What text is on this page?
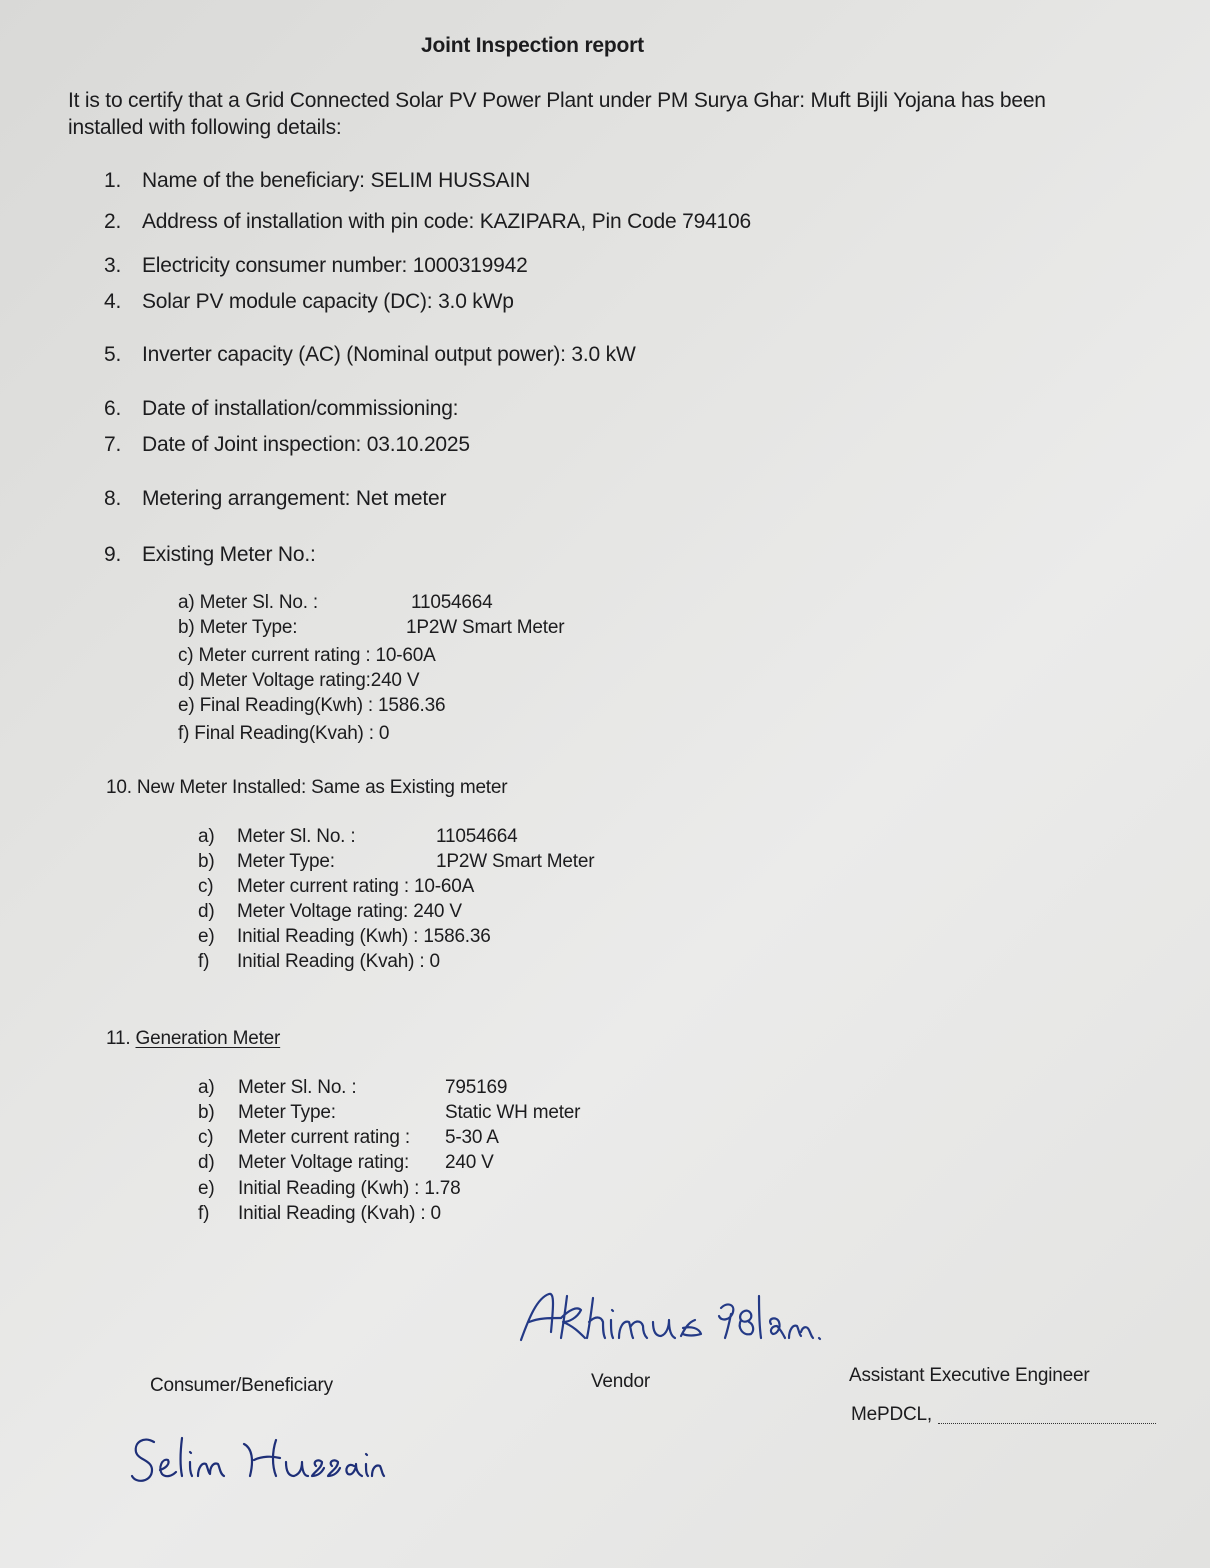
Joint Inspection report
It is to certify that a Grid Connected Solar PV Power Plant under PM Surya Ghar: Muft Bijli Yojana has been
installed with following details:
1. Name of the beneficiary: SELIM HUSSAIN
2. Address of installation with pin code: KAZIPARA, Pin Code 794106
3. Electricity consumer number: 1000319942
4. Solar PV module capacity (DC): 3.0 kWp
5. Inverter capacity (AC) (Nominal output power): 3.0 kW
6. Date of installation/commissioning:
7. Date of Joint inspection: 03.10.2025
8. Metering arrangement: Net meter
9. Existing Meter No.:
a) Meter Sl. No. :	11054664
b) Meter Type:	1P2W Smart Meter
c) Meter current rating : 10-60A
d) Meter Voltage rating:240 V
e) Final Reading(Kwh) : 1586.36
f) Final Reading(Kvah) : 0
10. New Meter Installed: Same as Existing meter
a) Meter Sl. No. :	11054664
b) Meter Type:	1P2W Smart Meter
c) Meter current rating : 10-60A
d) Meter Voltage rating: 240 V
e) Initial Reading (Kwh) : 1586.36
f) Initial Reading (Kvah) : 0
11. Generation Meter
a) Meter Sl. No. :	795169
b) Meter Type:	Static WH meter
c) Meter current rating : 5-30 A
d) Meter Voltage rating: 240 V
e) Initial Reading (Kwh) : 1.78
f) Initial Reading (Kvah) : 0
Consumer/Beneficiary	Vendor	Assistant Executive Engineer
MePDCL,
